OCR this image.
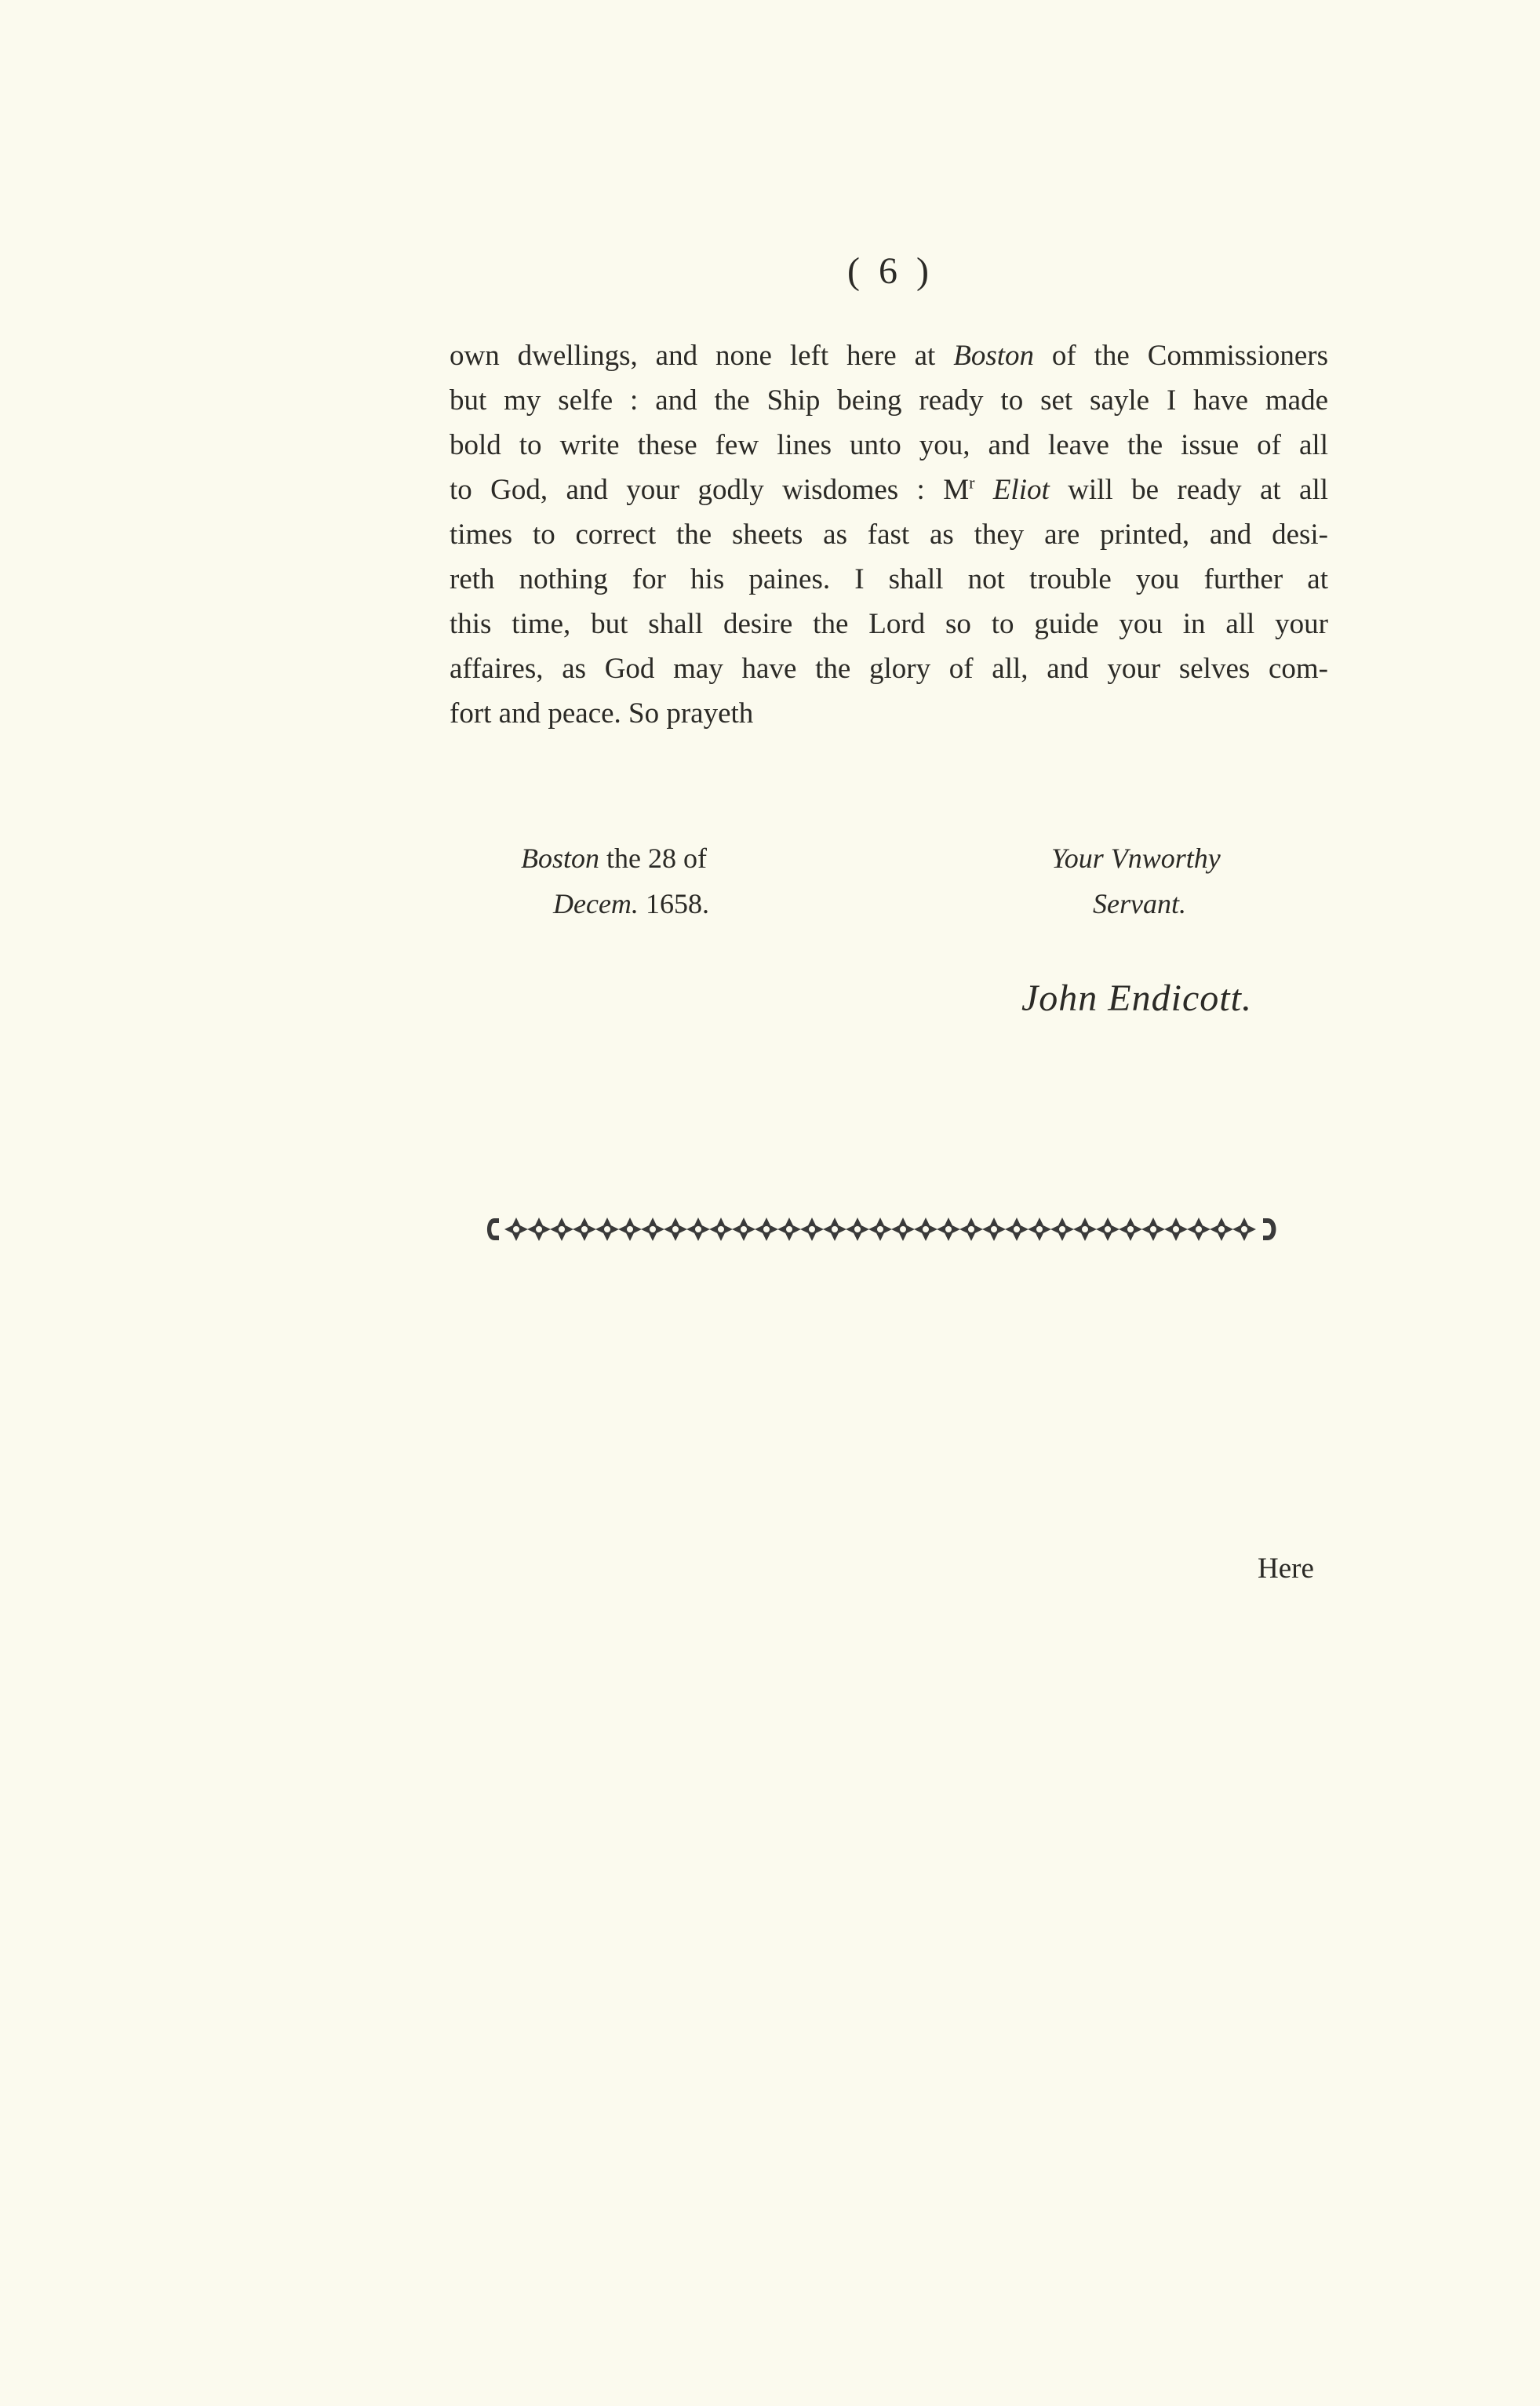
( 6 )
own dwellings, and none left here at Boston of the Commissioners
but my selfe : and the Ship being ready to set sayle I have made
bold to write these few lines unto you, and leave the issue of all
to God, and your godly wisdomes : $M^r$ Eliot will be ready at all
times to correct the sheets as fast as they are printed, and desi-
reth nothing for his paines. I shall not trouble you further at
this time, but shall desire the Lord so to guide you in all your
affaires, as God may have the glory of all, and your selves com-
fort and peace. So prayeth
Boston the 28 of
Decem. 1658.
Your Vnworthy
Servant.
John Endicott.
Here
